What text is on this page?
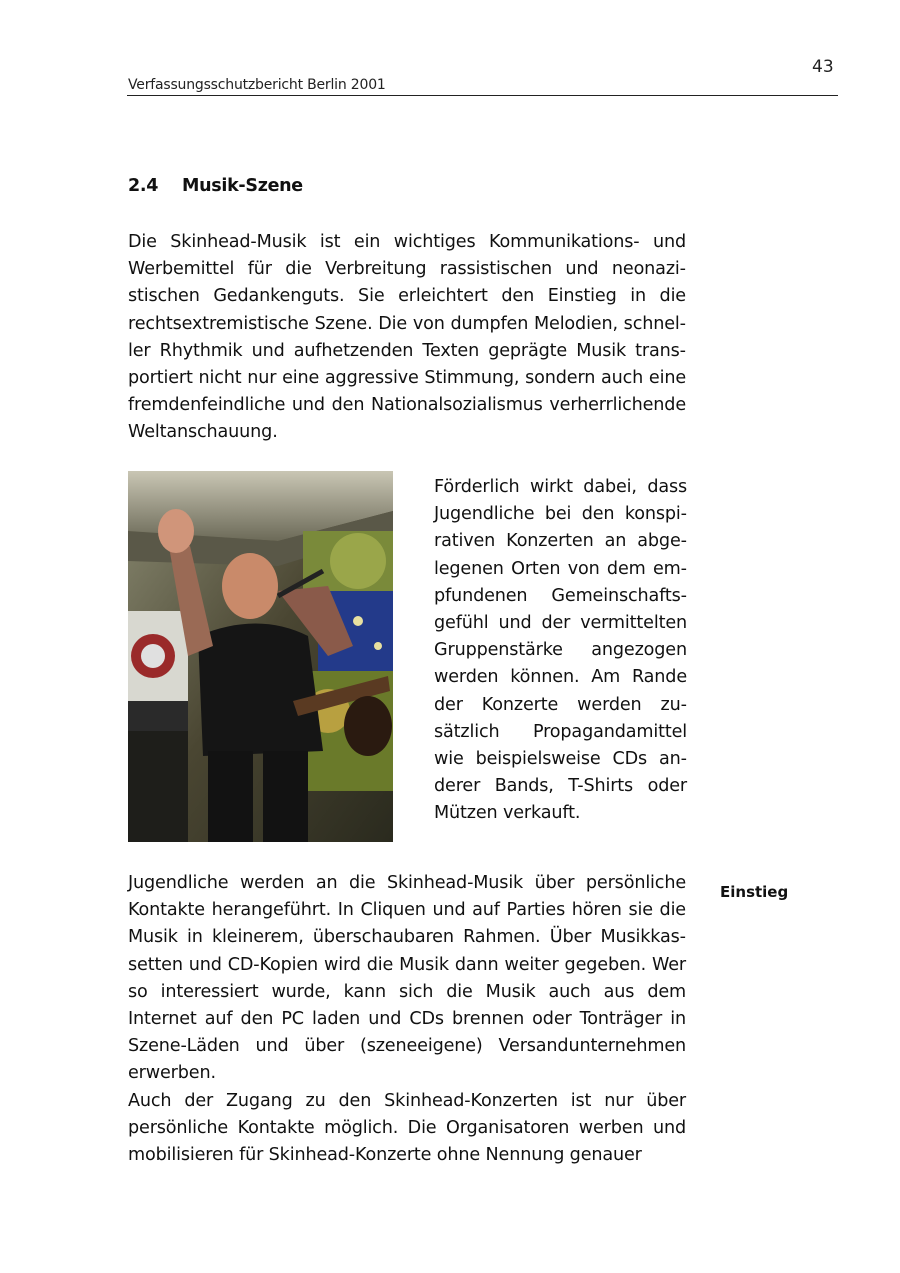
43
Verfassungsschutzbericht Berlin 2001
2.4 Musik-Szene

Die Skinhead-Musik ist ein wichtiges Kommunikations- und Werbemittel für die Verbreitung rassistischen und neonazistischen Gedankenguts. Sie erleichtert den Einstieg in die rechtsextremistische Szene. Die von dumpfen Melodien, schneller Rhythmik und aufhetzenden Texten geprägte Musik transportiert nicht nur eine aggressive Stimmung, sondern auch eine fremdenfeindliche und den Nationalsozialismus verherrlichende Weltanschauung.

Förderlich wirkt dabei, dass Jugendliche bei den konspirativen Konzerten an abgelegenen Orten von dem empfundenen Gemeinschaftsgefühl und der vermittelten Gruppenstärke angezogen werden können. Am Rande der Konzerte werden zusätzlich Propagandamittel wie beispielsweise CDs anderer Bands, T-Shirts oder Mützen verkauft.

Einstieg

Jugendliche werden an die Skinhead-Musik über persönliche Kontakte herangeführt. In Cliquen und auf Parties hören sie die Musik in kleinerem, überschaubaren Rahmen. Über Musikkassetten und CD-Kopien wird die Musik dann weiter gegeben. Wer so interessiert wurde, kann sich die Musik auch aus dem Internet auf den PC laden und CDs brennen oder Tonträger in Szene-Läden und über (szeneeigene) Versandunternehmen erwerben.

Auch der Zugang zu den Skinhead-Konzerten ist nur über persönliche Kontakte möglich. Die Organisatoren werben und mobilisieren für Skinhead-Konzerte ohne Nennung genauer
